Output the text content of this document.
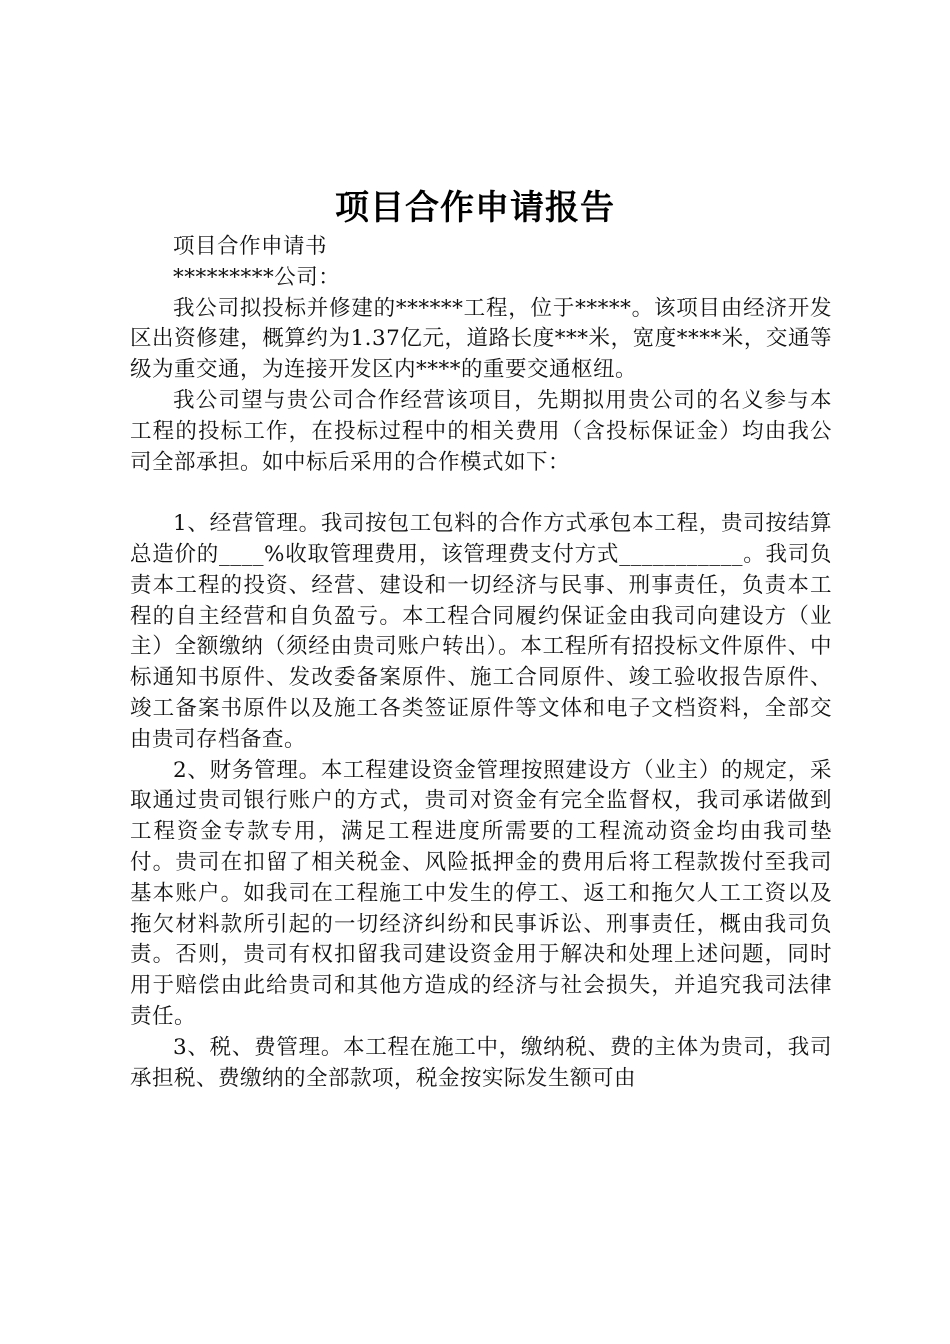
项目合作申请报告

项目合作申请书

*********公司：

我公司拟投标并修建的******工程，位于*****。该项目由经济开发区出资修建，概算约为1.37亿元，道路长度***米，宽度****米，交通等级为重交通，为连接开发区内****的重要交通枢纽。

我公司望与贵公司合作经营该项目，先期拟用贵公司的名义参与本工程的投标工作，在投标过程中的相关费用（含投标保证金）均由我公司全部承担。如中标后采用的合作模式如下：

1、经营管理。我司按包工包料的合作方式承包本工程，贵司按结算总造价的____%收取管理费用，该管理费支付方式___________。我司负责本工程的投资、经营、建设和一切经济与民事、刑事责任，负责本工程的自主经营和自负盈亏。本工程合同履约保证金由我司向建设方（业主）全额缴纳（须经由贵司账户转出）。本工程所有招投标文件原件、中标通知书原件、发改委备案原件、施工合同原件、竣工验收报告原件、竣工备案书原件以及施工各类签证原件等文体和电子文档资料，全部交由贵司存档备查。

2、财务管理。本工程建设资金管理按照建设方（业主）的规定，采取通过贵司银行账户的方式，贵司对资金有完全监督权，我司承诺做到工程资金专款专用，满足工程进度所需要的工程流动资金均由我司垫付。贵司在扣留了相关税金、风险抵押金的费用后将工程款拨付至我司基本账户。如我司在工程施工中发生的停工、返工和拖欠人工工资以及拖欠材料款所引起的一切经济纠纷和民事诉讼、刑事责任，概由我司负责。否则，贵司有权扣留我司建设资金用于解决和处理上述问题，同时用于赔偿由此给贵司和其他方造成的经济与社会损失，并追究我司法律责任。

3、税、费管理。本工程在施工中，缴纳税、费的主体为贵司，我司承担税、费缴纳的全部款项，税金按实际发生额可由
